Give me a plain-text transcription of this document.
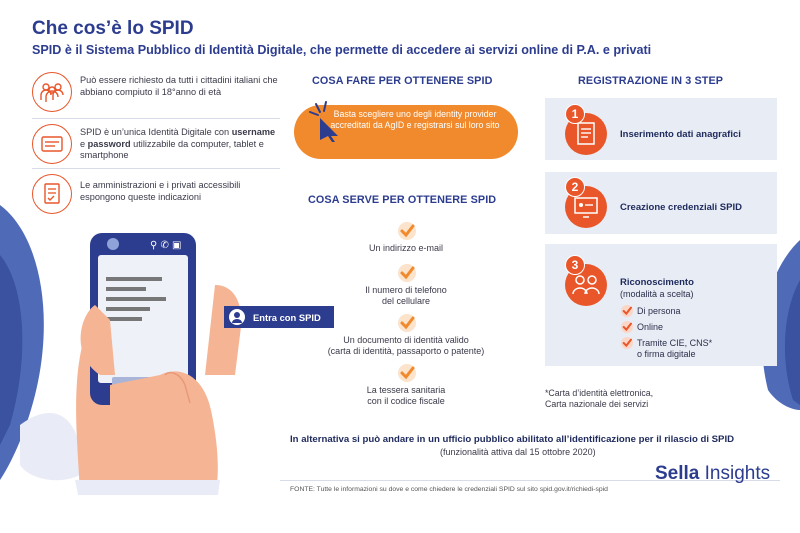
Che cos’è lo SPID
SPID è il Sistema Pubblico di Identità Digitale, che permette di accedere ai servizi online di P.A. e privati
Può essere richiesto da tutti i cittadini italiani che abbiano compiuto il 18°anno di età
SPID è un’unica Identità Digitale con username e password utilizzabile da computer, tablet e smartphone
Le amministrazioni e i privati accessibili espongono queste indicazioni
⚲ ✆ ▣
Entra con SPID
COSA FARE PER OTTENERE SPID
Basta scegliere uno degli identity provider accreditati da AgID e registrarsi sul loro sito
COSA SERVE PER OTTENERE SPID
Un indirizzo e-mail
Il numero di telefono
del cellulare
Un documento di identità valido
(carta di identità, passaporto o patente)
La tessera sanitaria
con il codice fiscale
REGISTRAZIONE IN 3 STEP
1
Inserimento dati anagrafici
2
Creazione credenziali SPID
3
Riconoscimento
(modalità a scelta)
Di persona
Online
Tramite CIE, CNS*
o firma digitale
*Carta d’identità elettronica,
Carta nazionale dei servizi
In alternativa si può andare in un ufficio pubblico abilitato all’identificazione per il rilascio di SPID
(funzionalità attiva dal 15 ottobre 2020)
FONTE: Tutte le informazioni su dove e come chiedere le credenziali SPID sul sito spid.gov.it/richiedi-spid
Sella Insights
